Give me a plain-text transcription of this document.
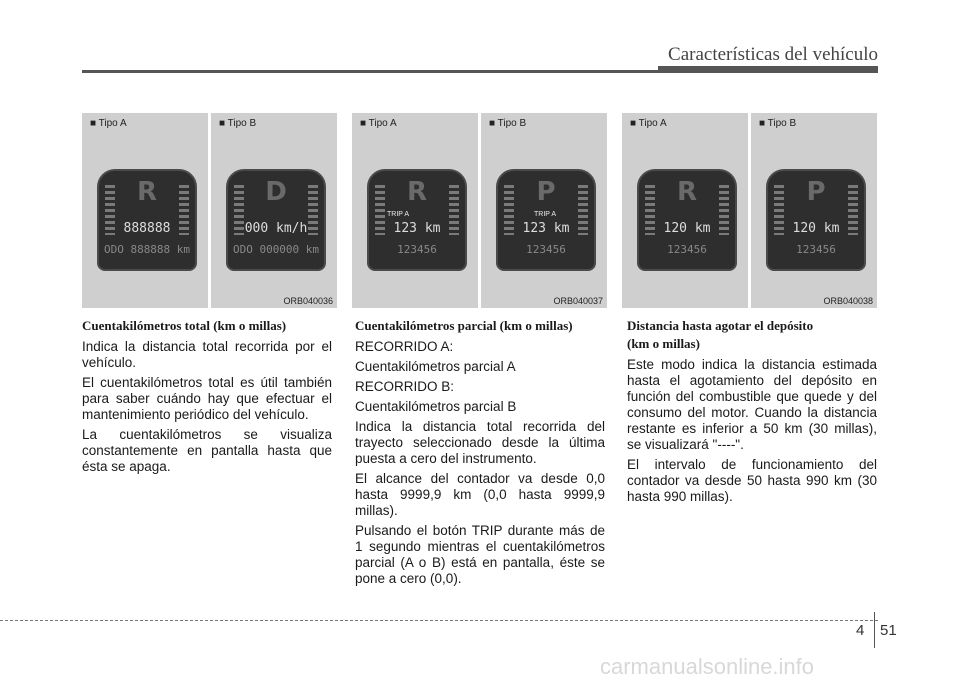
Características del vehículo
■ Tipo A
R
888888
ODO 888888 km
■ Tipo B
D
000 km/h
ODO 000000 km
ORB040036
■ Tipo A
R
TRIP A
123 km
123456
■ Tipo B
P
TRIP A
123 km
123456
ORB040037
■ Tipo A
R
120 km
123456
■ Tipo B
P
120 km
123456
ORB040038
Cuentakilómetros total (km o millas)

Indica la distancia total recorrida por el vehículo.

El cuentakilómetros total es útil también para saber cuándo hay que efectuar el mantenimiento periódico del vehículo.

La cuentakilómetros se visualiza constantemente en pantalla hasta que ésta se apaga.

Cuentakilómetros parcial (km o millas)

RECORRIDO A:

Cuentakilómetros parcial A

RECORRIDO B:

Cuentakilómetros parcial B

Indica la distancia total recorrida del trayecto seleccionado desde la última puesta a cero del instrumento.

El alcance del contador va desde 0,0 hasta 9999,9 km (0,0 hasta 9999,9 millas).

Pulsando el botón TRIP durante más de 1 segundo mientras el cuentakilómetros parcial (A o B) está en pantalla, éste se pone a cero (0,0).

Distancia hasta agotar el depósito
(km o millas)

Este modo indica la distancia estimada hasta el agotamiento del depósito en función del combustible que quede y del consumo del motor. Cuando la distancia restante es inferior a 50 km (30 millas), se visualizará "----".

El intervalo de funcionamiento del contador va desde 50 hasta 990 km (30 hasta 990 millas).

4 51
carmanualsonline.info
